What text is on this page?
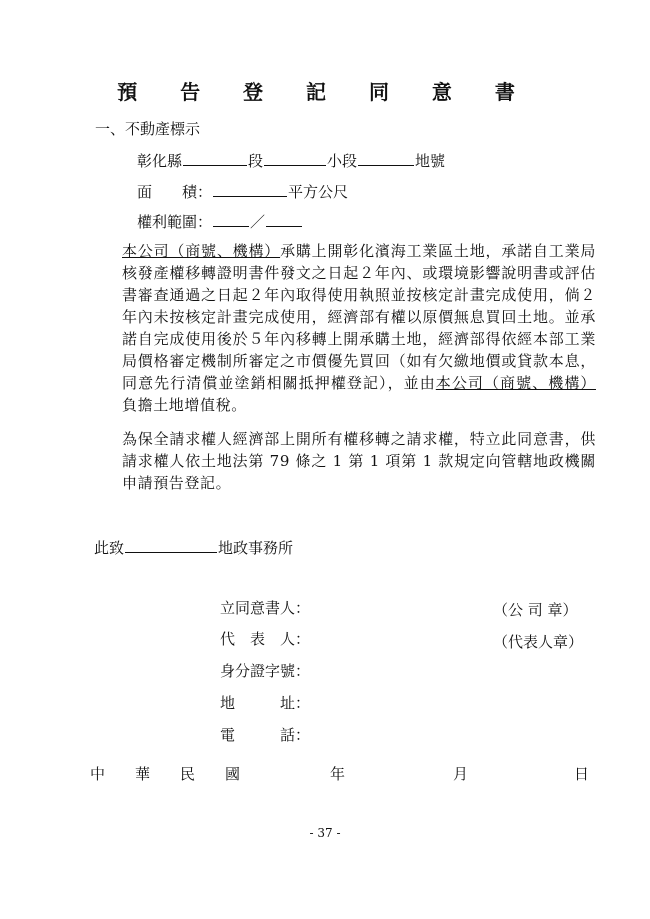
預 告 登 記 同 意 書
一、不動產標示
彰化縣	段	小段	地號
面　　積：	平方公尺
權利範圍：	／
本公司（商號、機構）承購上開彰化濱海工業區土地，承諾自工業局核發產權移轉證明書件發文之日起２年內、或環境影響說明書或評估書審查通過之日起２年內取得使用執照並按核定計畫完成使用，倘２年內未按核定計畫完成使用，經濟部有權以原價無息買回土地。並承諾自完成使用後於５年內移轉上開承購土地，經濟部得依經本部工業局價格審定機制所審定之市價優先買回（如有欠繳地價或貸款本息，同意先行清償並塗銷相關抵押權登記），並由本公司（商號、機構）負擔土地增值稅。
為保全請求權人經濟部上開所有權移轉之請求權，特立此同意書，供請求權人依土地法第 79 條之 1 第 1 項第 1 款規定向管轄地政機關申請預告登記。
此致	地政事務所
立同意書人：	（公 司 章）
代　表　人：	（代表人章）
身分證字號：
地　　　址：
電　　　話：
中　　華　　民　　國	年	月	日
- 37 -
